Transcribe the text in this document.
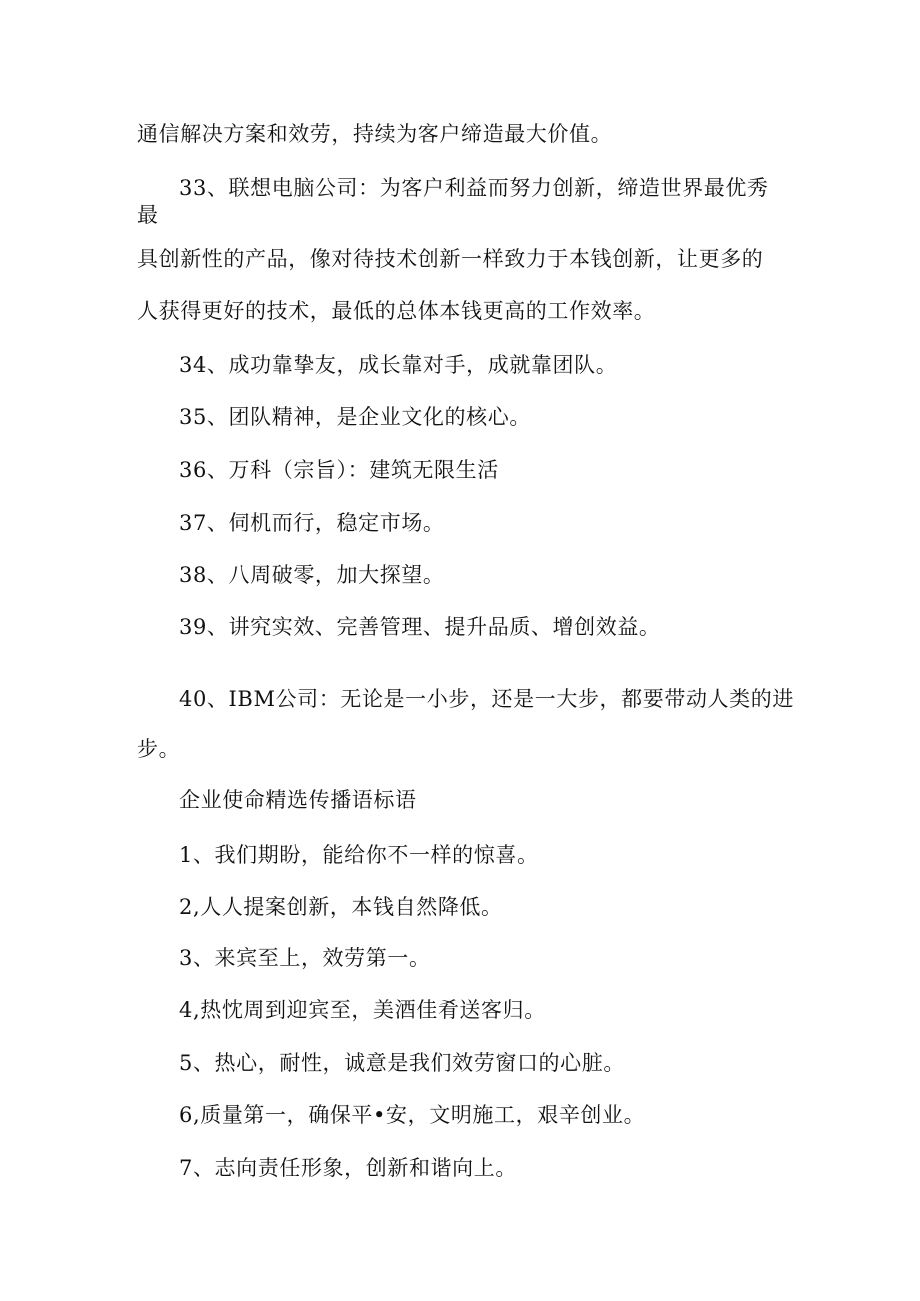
通信解决方案和效劳，持续为客户缔造最大价值。
33、联想电脑公司：为客户利益而努力创新，缔造世界最优秀
最
具创新性的产品，像对待技术创新一样致力于本钱创新，让更多的
人获得更好的技术，最低的总体本钱更高的工作效率。
34、成功靠挚友，成长靠对手，成就靠团队。
35、团队精神，是企业文化的核心。
36、万科（宗旨）：建筑无限生活
37、伺机而行，稳定市场。
38、八周破零，加大探望。
39、讲究实效、完善管理、提升品质、增创效益。
40、IBM公司：无论是一小步，还是一大步，都要带动人类的进
步。
企业使命精选传播语标语
1、我们期盼，能给你不一样的惊喜。
2,人人提案创新，本钱自然降低。
3、来宾至上，效劳第一。
4,热忱周到迎宾至，美酒佳肴送客归。
5、热心，耐性，诚意是我们效劳窗口的心脏。
6,质量第一，确保平•安，文明施工，艰辛创业。
7、志向责任形象，创新和谐向上。
